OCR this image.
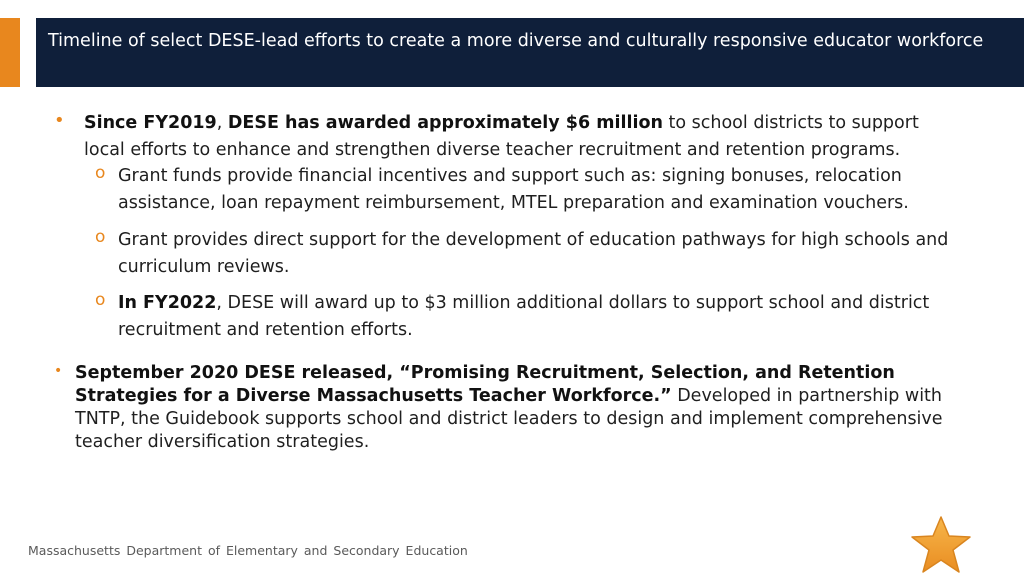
Timeline of select DESE-lead efforts to create a more diverse and culturally responsive educator workforce
• Since FY2019, DESE has awarded approximately $6 million to school districts to support local efforts to enhance and strengthen diverse teacher recruitment and retention programs.
o Grant funds provide financial incentives and support such as: signing bonuses, relocation assistance, loan repayment reimbursement, MTEL preparation and examination vouchers.
o Grant provides direct support for the development of education pathways for high schools and curriculum reviews.
o In FY2022, DESE will award up to $3 million additional dollars to support school and district recruitment and retention efforts.
• September 2020 DESE released, “Promising Recruitment, Selection, and Retention Strategies for a Diverse Massachusetts Teacher Workforce.” Developed in partnership with TNTP, the Guidebook supports school and district leaders to design and implement comprehensive teacher diversification strategies.
Massachusetts Department of Elementary and Secondary Education
